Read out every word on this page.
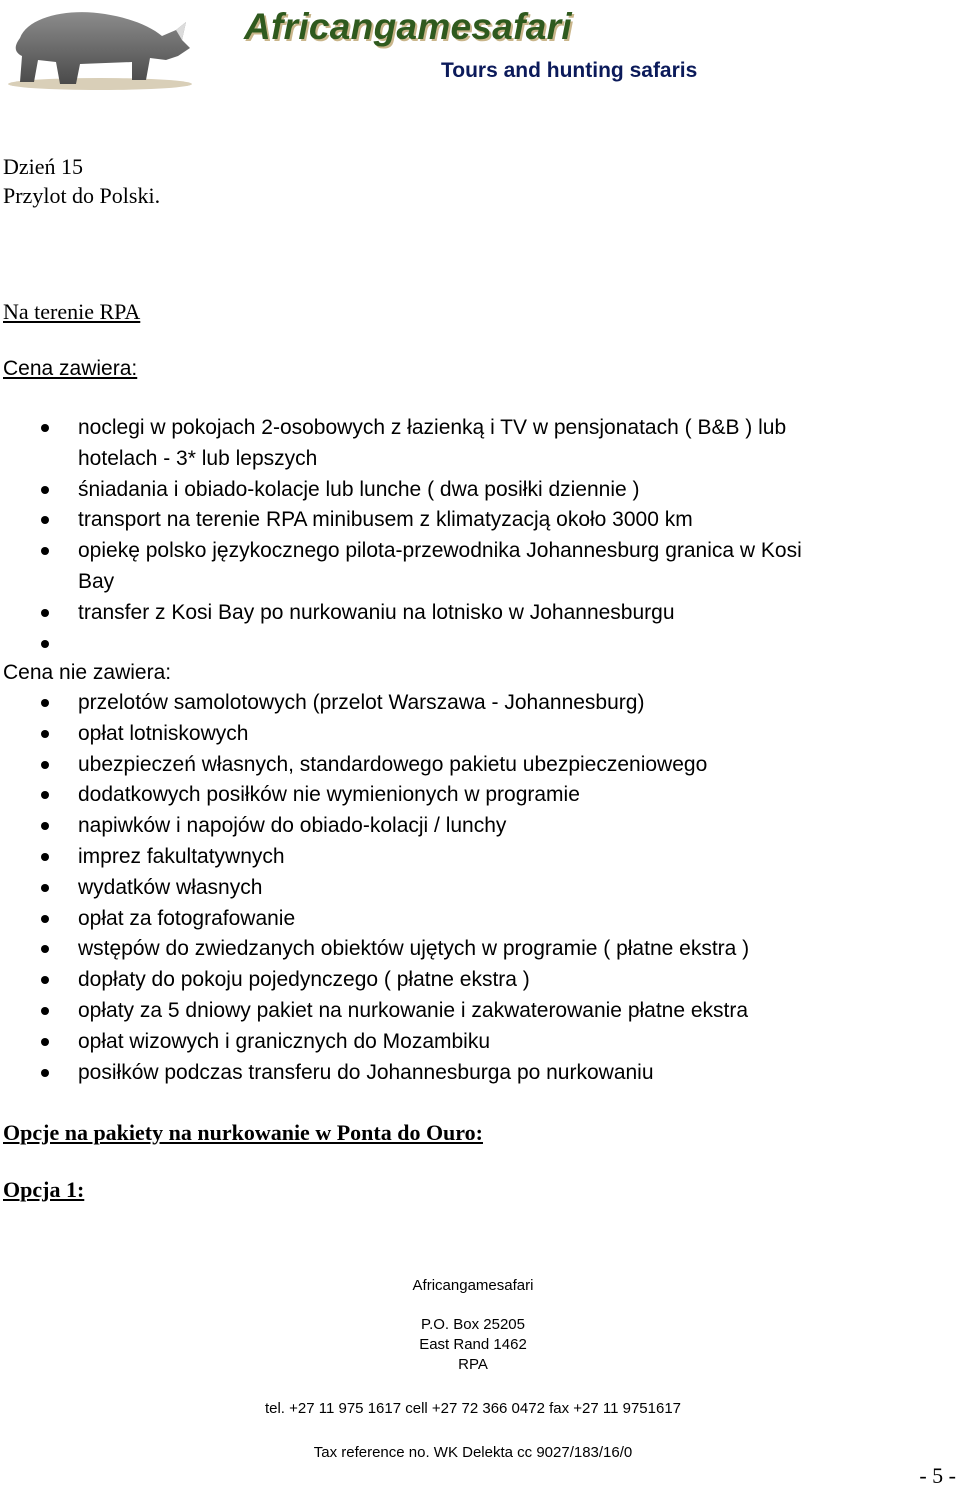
Africangamesafari
Tours and hunting safaris
Dzień 15
Przylot do Polski.
Na terenie RPA
Cena zawiera:
noclegi w pokojach 2-osobowych z łazienką i TV w pensjonatach ( B&B ) lub
hotelach - 3* lub lepszych
śniadania i obiado-kolacje lub lunche ( dwa posiłki dziennie )
transport na terenie RPA minibusem z klimatyzacją około 3000 km
opiekę polsko językocznego pilota-przewodnika Johannesburg granica w Kosi
Bay
transfer z Kosi Bay po nurkowaniu na lotnisko w Johannesburgu
Cena nie zawiera:
przelotów samolotowych (przelot Warszawa - Johannesburg)
opłat lotniskowych
ubezpieczeń własnych, standardowego pakietu ubezpieczeniowego
dodatkowych posiłków nie wymienionych w programie
napiwków i napojów do obiado-kolacji / lunchy
imprez fakultatywnych
wydatków własnych
opłat za fotografowanie
wstępów do zwiedzanych obiektów ujętych w programie ( płatne ekstra )
dopłaty do pokoju pojedynczego ( płatne ekstra )
opłaty za 5 dniowy pakiet na nurkowanie i zakwaterowanie płatne ekstra
opłat wizowych i granicznych do Mozambiku
posiłków podczas transferu do Johannesburga po nurkowaniu
Opcje na pakiety na nurkowanie w Ponta do Ouro:
Opcja 1:
Africangamesafari
P.O. Box 25205
East Rand 1462
RPA
tel. +27 11 975 1617 cell +27 72 366 0472 fax +27 11 9751617
Tax reference no. WK Delekta cc 9027/183/16/0
- 5 -
